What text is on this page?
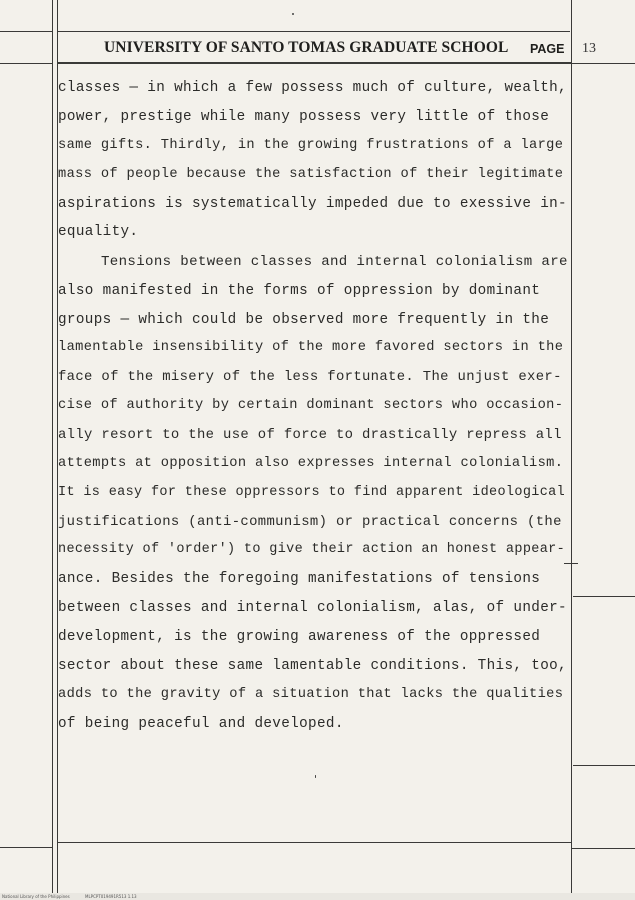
UNIVERSITY OF SANTO TOMAS GRADUATE SCHOOL PAGE 13
classes — in which a few possess much of culture, wealth,
power, prestige while many possess very little of those
same gifts. Thirdly, in the growing frustrations of a large
mass of people because the satisfaction of their legitimate
aspirations is systematically impeded due to exessive in-
equality.
Tensions between classes and internal colonialism are
also manifested in the forms of oppression by dominant
groups — which could be observed more frequently in the
lamentable insensibility of the more favored sectors in the
face of the misery of the less fortunate. The unjust exer-
cise of authority by certain dominant sectors who occasion-
ally resort to the use of force to drastically repress all
attempts at opposition also expresses internal colonialism.
It is easy for these oppressors to find apparent ideological
justifications (anti-communism) or practical concerns (the
necessity of 'order') to give their action an honest appear-
ance. Besides the foregoing manifestations of tensions
between classes and internal colonialism, alas, of under-
development, is the growing awareness of the oppressed
sector about these same lamentable conditions. This, too,
adds to the gravity of a situation that lacks the qualities
of being peaceful and developed.
National Library of the Philippines	MLPCPT019491R513 1.13
